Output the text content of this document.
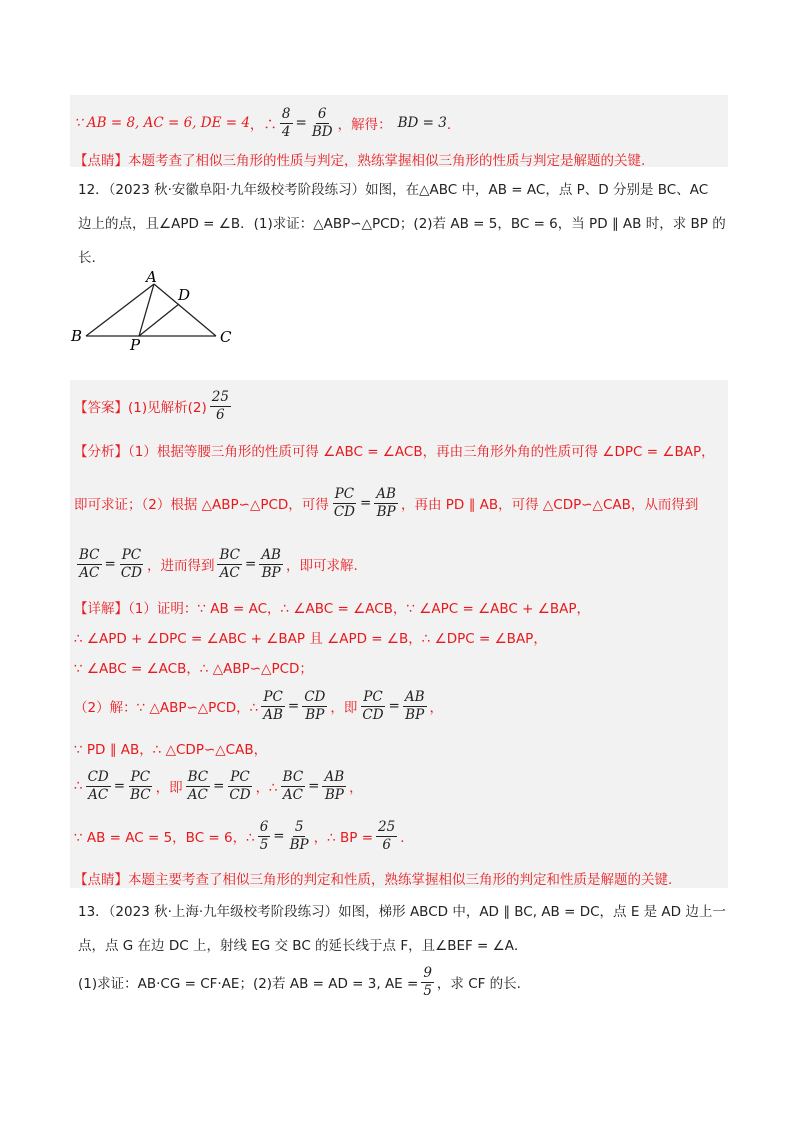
∵ AB = 8, AC = 6, DE = 4 ，∴ $\frac{8}{4} = \frac{6}{BD}$ ，解得： BD = 3 ．
【点睛】本题考查了相似三角形的性质与判定，熟练掌握相似三角形的性质与判定是解题的关键.
12．（2023 秋·安徽阜阳·九年级校考阶段练习）如图，在△ABC 中，AB = AC，点 P、D 分别是 BC、AC
边上的点，且∠APD = ∠B．(1)求证：△ABP∽△PCD；(2)若 AB = 5，BC = 6，当 PD ∥ AB 时，求 BP 的
长.
A
D
B	C
P
【答案】(1)见解析$(2) \frac{25}{6}$
【分析】（1）根据等腰三角形的性质可得 ∠ABC = ∠ACB，再由三角形外角的性质可得 ∠DPC = ∠BAP，
即可求证；（2）根据 △ABP∽△PCD，可得 $\frac{PC}{CD} = \frac{AB}{BP}$ ，再由 PD ∥ AB，可得 △CDP∽△CAB，从而得到
$\frac{BC}{AC} = \frac{PC}{CD}$ ，进而得到 $\frac{BC}{AC} = \frac{AB}{BP}$ ，即可求解.
【详解】（1）证明：∵ AB = AC，∴ ∠ABC = ∠ACB，∵ ∠APC = ∠ABC + ∠BAP，
∴ ∠APD + ∠DPC = ∠ABC + ∠BAP 且 ∠APD = ∠B，∴ ∠DPC = ∠BAP，
∵ ∠ABC = ∠ACB，∴ △ABP∽△PCD；
（2）解：∵ △ABP∽△PCD，∴ $\frac{PC}{AB} = \frac{CD}{BP}$ ，即 $\frac{PC}{CD} = \frac{AB}{BP}$ ，
∵ PD ∥ AB，∴ △CDP∽△CAB，
∴ $\frac{CD}{AC} = \frac{PC}{BC}$ ，即 $\frac{BC}{AC} = \frac{PC}{CD}$ ，∴ $\frac{BC}{AC} = \frac{AB}{BP}$ ，
∵ AB = AC = 5，BC = 6，∴ $\frac{6}{5} = \frac{5}{BP}$ ，∴ BP = $\frac{25}{6}$ ．
【点睛】本题主要考查了相似三角形的判定和性质，熟练掌握相似三角形的判定和性质是解题的关键.
13．（2023 秋·上海·九年级校考阶段练习）如图，梯形 ABCD 中，AD ∥ BC, AB = DC，点 E 是 AD 边上一
点，点 G 在边 DC 上，射线 EG 交 BC 的延长线于点 F，且∠BEF = ∠A．
(1)求证：AB·CG = CF·AE；(2)若 AB = AD = 3, AE = $\frac{9}{5}$ ，求 CF 的长.
